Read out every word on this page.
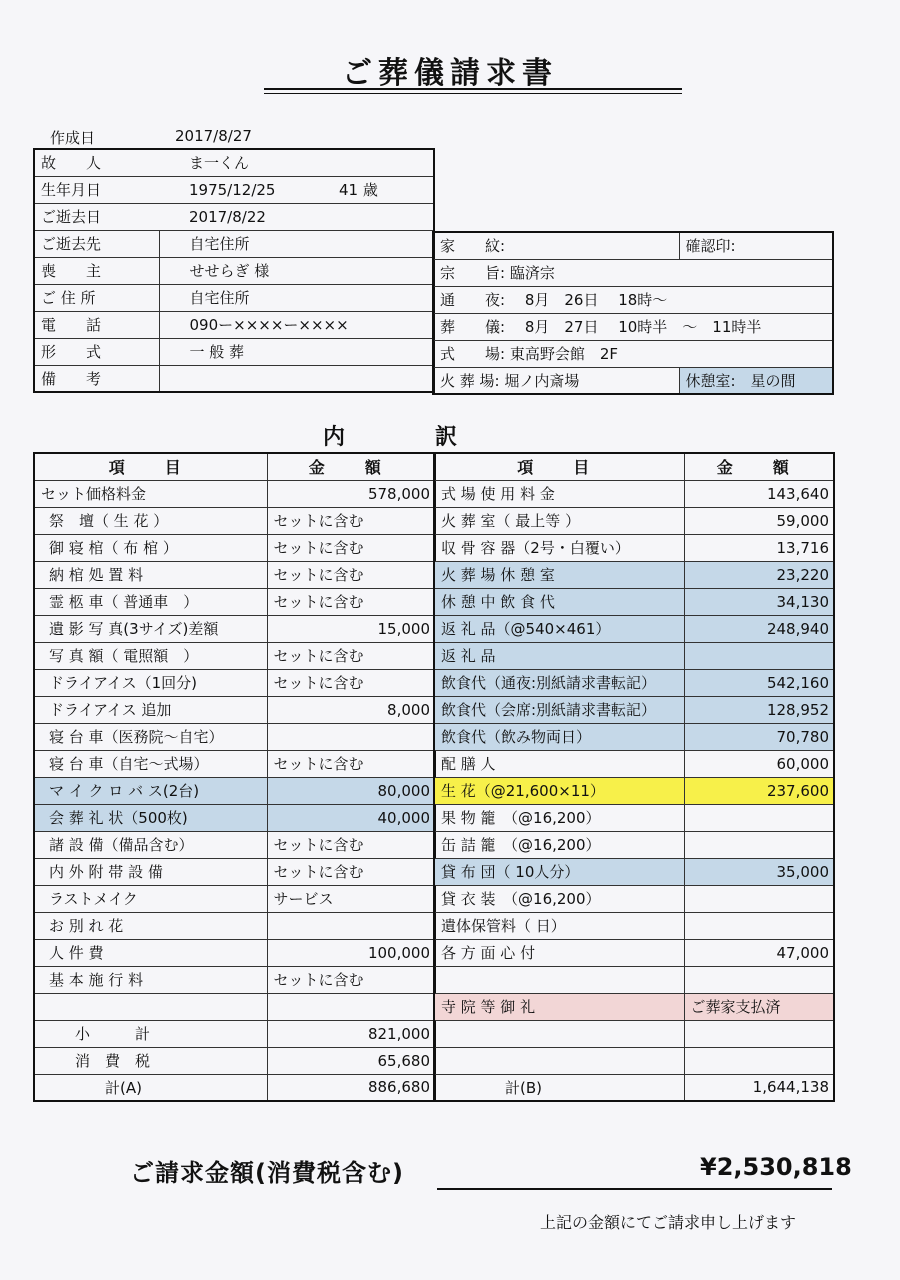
ご葬儀請求書
作成日	2017/8/27
故　　人	ま一くん	
生年月日	1975/12/25	41 歳
ご逝去日	2017/8/22	
ご逝去先	自宅住所	
喪　　主	せせらぎ 様	
ご 住 所	自宅住所	
電　　話	090ー××××ー××××	
形　　式	一 般 葬	
備　　考		
家　　紋:	確認印:
宗　　旨: 臨済宗	
通　　夜:　 8月　26日　 18時〜	
葬　　儀:　 8月　27日　 10時半　〜　11時半	
式　　場: 東高野会館　2F	
火 葬 場: 堀ノ内斎場	休憩室:　星の間
内訳
項　目	金　額
セット価格料金	578,000
祭　壇（ 生 花 ）	セットに含む
御 寝 棺（ 布 棺 ）	セットに含む
納 棺 処 置 料	セットに含む
霊 柩 車（ 普通車　）	セットに含む
遺 影 写 真(3サイズ)差額	15,000
写 真 額（ 電照額　）	セットに含む
ドライアイス（1回分)	セットに含む
ドライアイス 追加	8,000
寝 台 車（医務院〜自宅）	
寝 台 車（自宅〜式場）	セットに含む
マ イ ク ロ バ ス(2台)	80,000
会 葬 礼 状（500枚)	40,000
諸 設 備（備品含む）	セットに含む
内 外 附 帯 設 備	セットに含む
ラストメイク	サービス
お 別 れ 花	
人 件 費	100,000
基 本 施 行 料	セットに含む

小　　　計	821,000
消　費　税	65,680
計(A)	886,680
項　目	金　額
式 場 使 用 料 金	143,640
火 葬 室（ 最上等 ）	59,000
収 骨 容 器（2号・白覆い）	13,716
火 葬 場 休 憩 室	23,220
休 憩 中 飲 食 代	34,130
返 礼 品（@540×461）	248,940
返 礼 品	
飲食代（通夜:別紙請求書転記）	542,160
飲食代（会席:別紙請求書転記）	128,952
飲食代（飲み物両日）	70,780
配 膳 人	60,000
生 花（@21,600×11）	237,600
果 物 籠　（@16,200）	
缶 詰 籠　（@16,200）	
貸 布 団（ 10人分）	35,000
貸 衣 装　（@16,200）	
遺体保管料（ 日）	
各 方 面 心 付	47,000

寺 院 等 御 礼	ご葬家支払済

計(B)	1,644,138
ご請求金額(消費税含む)	¥2,530,818
上記の金額にてご請求申し上げます
